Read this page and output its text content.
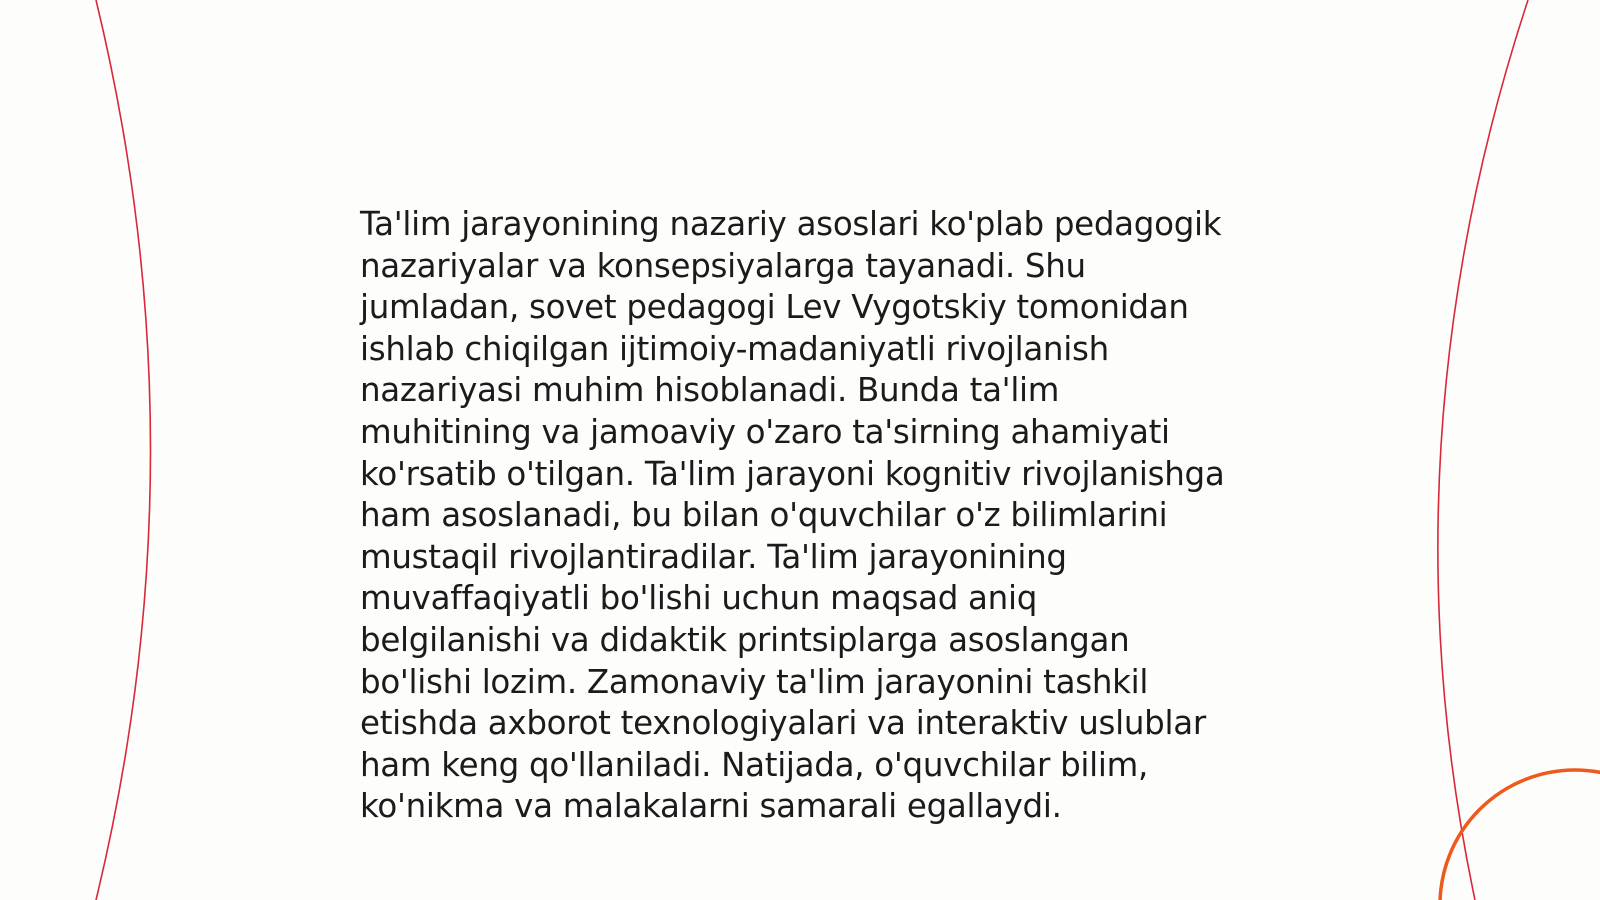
Ta'lim jarayonining nazariy asoslari ko'plab pedagogik
nazariyalar va konsepsiyalarga tayanadi. Shu
jumladan, sovet pedagogi Lev Vygotskiy tomonidan
ishlab chiqilgan ijtimoiy-madaniyatli rivojlanish
nazariyasi muhim hisoblanadi. Bunda ta'lim
muhitining va jamoaviy o'zaro ta'sirning ahamiyati
ko'rsatib o'tilgan. Ta'lim jarayoni kognitiv rivojlanishga
ham asoslanadi, bu bilan o'quvchilar o'z bilimlarini
mustaqil rivojlantiradilar. Ta'lim jarayonining
muvaffaqiyatli bo'lishi uchun maqsad aniq
belgilanishi va didaktik printsiplarga asoslangan
bo'lishi lozim. Zamonaviy ta'lim jarayonini tashkil
etishda axborot texnologiyalari va interaktiv uslublar
ham keng qo'llaniladi. Natijada, o'quvchilar bilim,
ko'nikma va malakalarni samarali egallaydi.
